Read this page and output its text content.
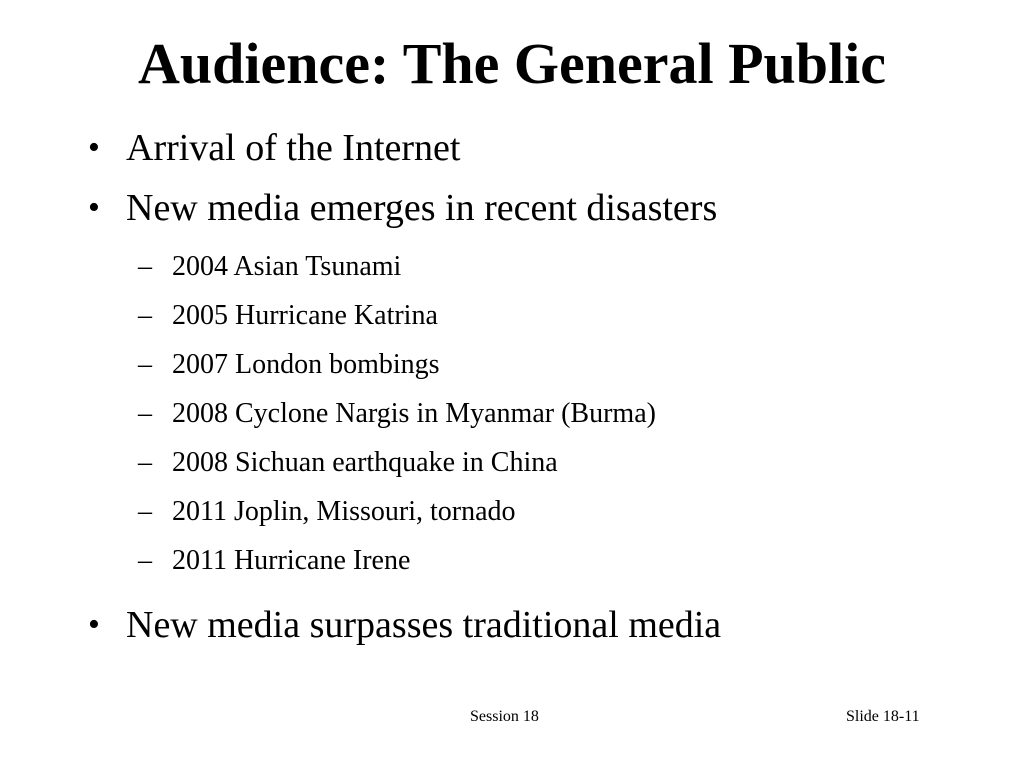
Audience: The General Public
• Arrival of the Internet
• New media emerges in recent disasters
– 2004 Asian Tsunami
– 2005 Hurricane Katrina
– 2007 London bombings
– 2008 Cyclone Nargis in Myanmar (Burma)
– 2008 Sichuan earthquake in China
– 2011 Joplin, Missouri, tornado
– 2011 Hurricane Irene
• New media surpasses traditional media
Session 18	Slide 18-11
